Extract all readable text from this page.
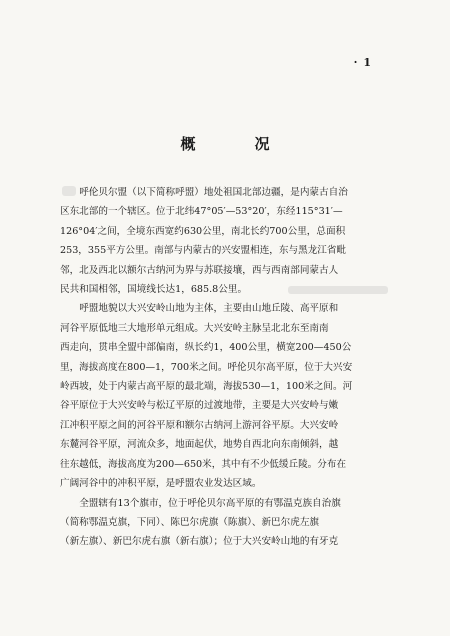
· 1
概　况

呼伦贝尔盟（以下简称呼盟）地处祖国北部边疆，是内蒙古自治
区东北部的一个辖区。位于北纬47°05′—53°20′，东经115°31′—
126°04′之间，全境东西宽约630公里，南北长约700公里，总面积
253，355平方公里。南部与内蒙古的兴安盟相连，东与黑龙江省毗
邻，北及西北以额尔古纳河为界与苏联接壤，西与西南部同蒙古人
民共和国相邻，国境线长达1，685.8公里。

呼盟地貌以大兴安岭山地为主体，主要由山地丘陵、高平原和
河谷平原低地三大地形单元组成。大兴安岭主脉呈北北东至南南
西走向，贯串全盟中部偏南，纵长约1，400公里，横宽200—450公
里，海拔高度在800—1，700米之间。呼伦贝尔高平原，位于大兴安
岭西坡，处于内蒙古高平原的最北端，海拔530—1，100米之间。河
谷平原位于大兴安岭与松辽平原的过渡地带，主要是大兴安岭与嫩
江冲积平原之间的河谷平原和额尔古纳河上游河谷平原。大兴安岭
东麓河谷平原，河流众多，地面起伏，地势自西北向东南倾斜，越
往东越低，海拔高度为200—650米，其中有不少低缓丘陵。分布在
广阔河谷中的冲积平原，是呼盟农业发达区域。

全盟辖有13个旗市，位于呼伦贝尔高平原的有鄂温克族自治旗
（简称鄂温克旗，下同）、陈巴尔虎旗（陈旗）、新巴尔虎左旗
（新左旗）、新巴尔虎右旗（新右旗）；位于大兴安岭山地的有牙克
